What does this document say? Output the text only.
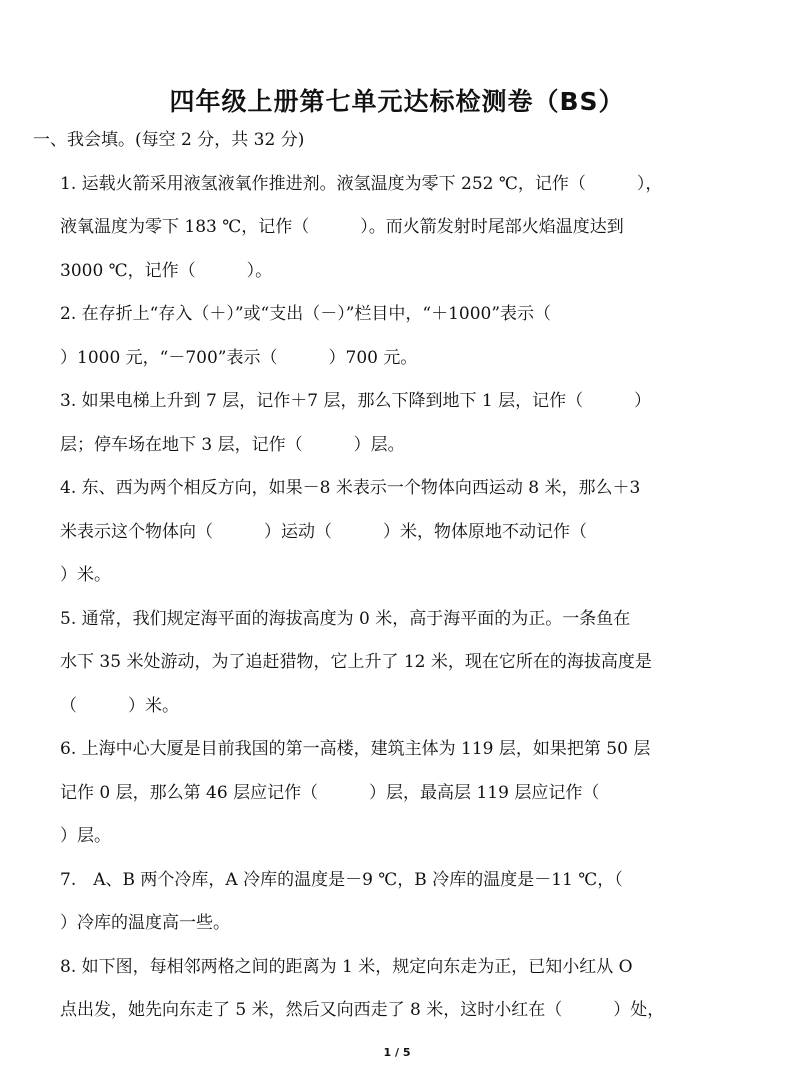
四年级上册第七单元达标检测卷（BS）
一、我会填。(每空 2 分，共 32 分)
1. 运载火箭采用液氢液氧作推进剂。液氢温度为零下 252 ℃，记作（　　　），
液氧温度为零下 183 ℃，记作（　　　）。而火箭发射时尾部火焰温度达到
3000 ℃，记作（　　　）。
2. 在存折上“存入（＋）”或“支出（－）”栏目中，“＋1000”表示（
）1000 元，“－700”表示（　　　）700 元。
3. 如果电梯上升到 7 层，记作＋7 层，那么下降到地下 1 层，记作（　　　）
层；停车场在地下 3 层，记作（　　　）层。
4. 东、西为两个相反方向，如果－8 米表示一个物体向西运动 8 米，那么＋3
米表示这个物体向（　　　）运动（　　　）米，物体原地不动记作（
）米。
5. 通常，我们规定海平面的海拔高度为 0 米，高于海平面的为正。一条鱼在
水下 35 米处游动，为了追赶猎物，它上升了 12 米，现在它所在的海拔高度是
（　　　）米。
6. 上海中心大厦是目前我国的第一高楼，建筑主体为 119 层，如果把第 50 层
记作 0 层，那么第 46 层应记作（　　　）层，最高层 119 层应记作（
）层。
7.　A、B 两个冷库，A 冷库的温度是－9 ℃，B 冷库的温度是－11 ℃，（
）冷库的温度高一些。
8. 如下图，每相邻两格之间的距离为 1 米，规定向东走为正，已知小红从 O
点出发，她先向东走了 5 米，然后又向西走了 8 米，这时小红在（　　　）处，
1 / 5
